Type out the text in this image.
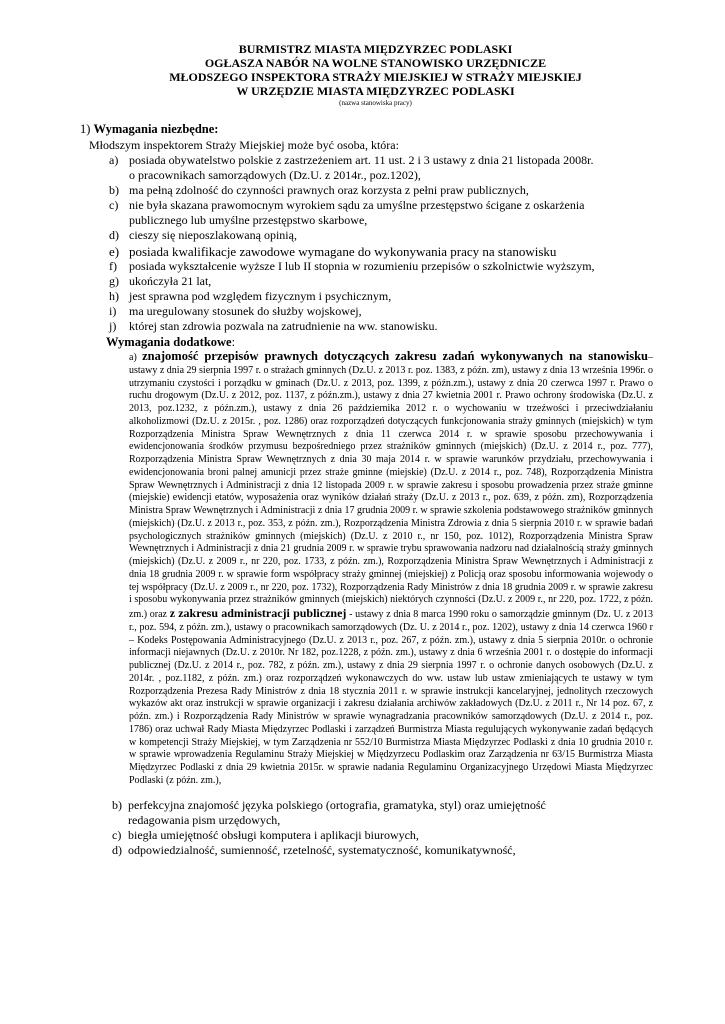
BURMISTRZ MIASTA MIĘDZYRZEC PODLASKI
OGŁASZA NABÓR NA WOLNE STANOWISKO URZĘDNICZE
MŁODSZEGO INSPEKTORA STRAŻY MIEJSKIEJ W STRAŻY MIEJSKIEJ
W URZĘDZIE MIASTA MIĘDZYRZEC PODLASKI
(nazwa stanowiska pracy)
1) Wymagania niezbędne:
Młodszym inspektorem Straży Miejskiej może być osoba, która:
a) posiada obywatelstwo polskie z zastrzeżeniem art. 11 ust. 2 i 3 ustawy z dnia 21 listopada 2008r.
o pracownikach samorządowych (Dz.U. z 2014r., poz.1202),
b) ma pełną zdolność do czynności prawnych oraz korzysta z pełni praw publicznych,
c) nie była skazana prawomocnym wyrokiem sądu za umyślne przestępstwo ścigane z oskarżenia
publicznego lub umyślne przestępstwo skarbowe,
d) cieszy się nieposzlakowaną opinią,
e) posiada kwalifikacje zawodowe wymagane do wykonywania pracy na stanowisku
f)	posiada wykształcenie wyższe I lub II stopnia w rozumieniu przepisów o szkolnictwie wyższym,
g) ukończyła 21 lat,
h) jest sprawna pod względem fizycznym i psychicznym,
i)	ma uregulowany stosunek do służby wojskowej,
j)	której stan zdrowia pozwala na zatrudnienie na ww. stanowisku.
Wymagania dodatkowe:
a) znajomość przepisów prawnych dotyczących zakresu zadań wykonywanych na stanowisku– ustawy z dnia 29 sierpnia 1997 r. o strażach gminnych (Dz.U. z 2013 r. poz. 1383, z późn. zm), ustawy z dnia 13 września 1996r. o utrzymaniu czystości i porządku w gminach (Dz.U. z 2013, poz. 1399, z późn.zm.), ustawy z dnia 20 czerwca 1997 r. Prawo o ruchu drogowym (Dz.U. z 2012, poz. 1137, z późn.zm.), ustawy z dnia 27 kwietnia 2001 r. Prawo ochrony środowiska (Dz.U. z 2013, poz.1232, z późn.zm.), ustawy z dnia 26 października 2012 r. o wychowaniu w trzeźwości i przeciwdziałaniu alkoholizmowi (Dz.U. z 2015r. , poz. 1286) oraz rozporządzeń dotyczących funkcjonowania straży gminnych (miejskich) w tym Rozporządzenia Ministra Spraw Wewnętrznych z dnia 11 czerwca 2014 r. w sprawie sposobu przechowywania i ewidencjonowania środków przymusu bezpośredniego przez strażników gminnych (miejskich) (Dz.U. z 2014 r., poz. 777), Rozporządzenia Ministra Spraw Wewnętrznych z dnia 30 maja 2014 r. w sprawie warunków przydziału, przechowywania i ewidencjonowania broni palnej amunicji przez straże gminne (miejskie) (Dz.U. z 2014 r., poz. 748), Rozporządzenia Ministra Spraw Wewnętrznych i Administracji z dnia 12 listopada 2009 r. w sprawie zakresu i sposobu prowadzenia przez straże gminne (miejskie) ewidencji etatów, wyposażenia oraz wyników działań straży (Dz.U. z 2013 r., poz. 639, z późn. zm), Rozporządzenia Ministra Spraw Wewnętrznych i Administracji z dnia 17 grudnia 2009 r. w sprawie szkolenia podstawowego strażników gminnych (miejskich) (Dz.U. z 2013 r., poz. 353, z późn. zm.), Rozporządzenia Ministra Zdrowia z dnia 5 sierpnia 2010 r. w sprawie badań psychologicznych strażników gminnych (miejskich) (Dz.U. z 2010 r., nr 150, poz. 1012), Rozporządzenia Ministra Spraw Wewnętrznych i Administracji z dnia 21 grudnia 2009 r. w sprawie trybu sprawowania nadzoru nad działalnością straży gminnych (miejskich) (Dz.U. z 2009 r., nr 220, poz. 1733, z późn. zm.), Rozporządzenia Ministra Spraw Wewnętrznych i Administracji z dnia 18 grudnia 2009 r. w sprawie form współpracy straży gminnej (miejskiej) z Policją oraz sposobu informowania wojewody o tej współpracy (Dz.U. z 2009 r., nr 220, poz. 1732), Rozporządzenia Rady Ministrów z dnia 18 grudnia 2009 r. w sprawie zakresu i sposobu wykonywania przez strażników gminnych (miejskich) niektórych czynności (Dz.U. z 2009 r., nr 220, poz. 1722, z późn. zm.) oraz z zakresu administracji publicznej - ustawy z dnia 8 marca 1990 roku o samorządzie gminnym (Dz. U. z 2013 r., poz. 594, z późn. zm.), ustawy o pracownikach samorządowych (Dz. U. z 2014 r., poz. 1202), ustawy z dnia 14 czerwca 1960 r – Kodeks Postępowania Administracyjnego (Dz.U. z 2013 r., poz. 267, z późn. zm.), ustawy z dnia 5 sierpnia 2010r. o ochronie informacji niejawnych (Dz.U. z 2010r. Nr 182, poz.1228, z późn. zm.), ustawy z dnia 6 września 2001 r. o dostępie do informacji publicznej (Dz.U. z 2014 r., poz. 782, z późn. zm.), ustawy z dnia 29 sierpnia 1997 r. o ochronie danych osobowych (Dz.U. z 2014r. , poz.1182, z późn. zm.) oraz rozporządzeń wykonawczych do ww. ustaw lub ustaw zmieniających te ustawy w tym Rozporządzenia Prezesa Rady Ministrów z dnia 18 stycznia 2011 r. w sprawie instrukcji kancelaryjnej, jednolitych rzeczowych wykazów akt oraz instrukcji w sprawie organizacji i zakresu działania archiwów zakładowych (Dz.U. z 2011 r., Nr 14 poz. 67, z późn. zm.) i Rozporządzenia Rady Ministrów w sprawie wynagradzania pracowników samorządowych (Dz.U. z 2014 r., poz. 1786) oraz uchwał Rady Miasta Międzyrzec Podlaski i zarządzeń Burmistrza Miasta regulujących wykonywanie zadań będących w kompetencji Straży Miejskiej, w tym Zarządzenia nr 552/10 Burmistrza Miasta Międzyrzec Podlaski z dnia 10 grudnia 2010 r. w sprawie wprowadzenia Regulaminu Straży Miejskiej w Międzyrzecu Podlaskim oraz Zarządzenia nr 63/15 Burmistrza Miasta Międzyrzec Podlaski z dnia 29 kwietnia 2015r. w sprawie nadania Regulaminu Organizacyjnego Urzędowi Miasta Międzyrzec Podlaski (z późn. zm.),
b) perfekcyjna znajomość języka polskiego (ortografia, gramatyka, styl) oraz umiejętność
redagowania pism urzędowych,
c) biegła umiejętność obsługi komputera i aplikacji biurowych,
d) odpowiedzialność, sumienność, rzetelność, systematyczność, komunikatywność,
